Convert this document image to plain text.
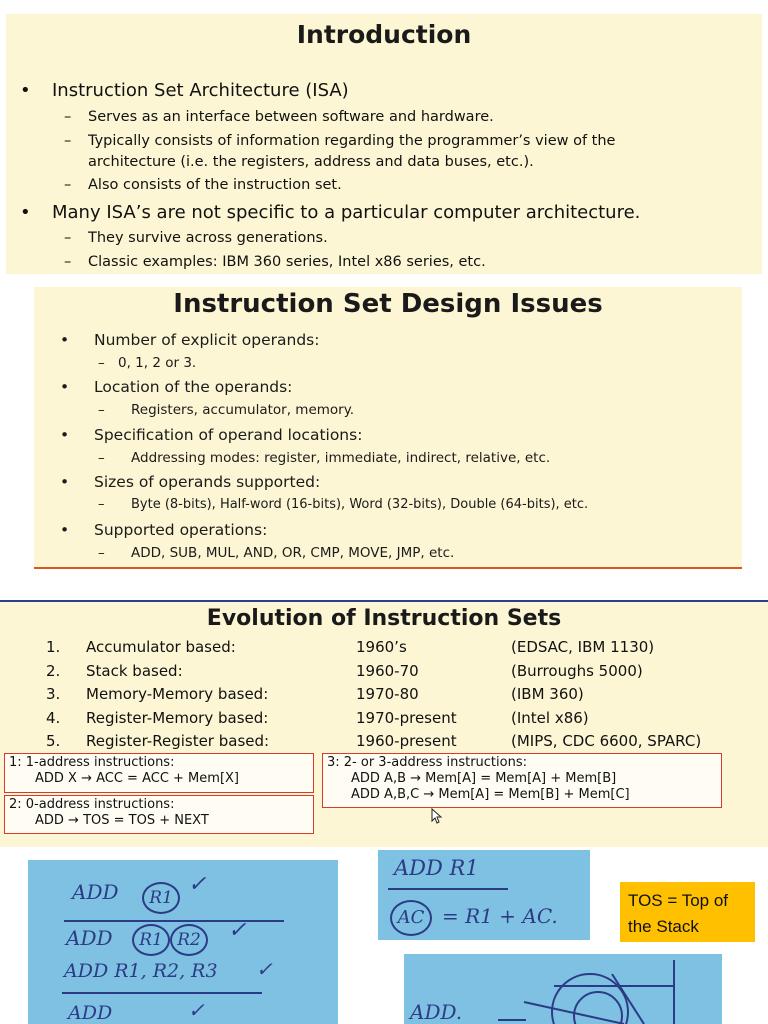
Introduction
• Instruction Set Architecture (ISA)
– Serves as an interface between software and hardware.
– Typically consists of information regarding the programmer’s view of the
architecture (i.e. the registers, address and data buses, etc.).
– Also consists of the instruction set.
• Many ISA’s are not specific to a particular computer architecture.
– They survive across generations.
– Classic examples: IBM 360 series, Intel x86 series, etc.
Instruction Set Design Issues
• Number of explicit operands:
– 0, 1, 2 or 3.
• Location of the operands:
– Registers, accumulator, memory.
• Specification of operand locations:
– Addressing modes: register, immediate, indirect, relative, etc.
• Sizes of operands supported:
– Byte (8-bits), Half-word (16-bits), Word (32-bits), Double (64-bits), etc.
• Supported operations:
– ADD, SUB, MUL, AND, OR, CMP, MOVE, JMP, etc.
Evolution of Instruction Sets
1. Accumulator based:	1960’s	(EDSAC, IBM 1130)
2. Stack based:	1960-70	(Burroughs 5000)
3. Memory-Memory based:	1970-80	(IBM 360)
4. Register-Memory based:	1970-present	(Intel x86)
5. Register-Register based:	1960-present	(MIPS, CDC 6600, SPARC)
1: 1-address instructions:
ADD X → ACC = ACC + Mem[X]
2: 0-address instructions:
ADD → TOS = TOS + NEXT
3: 2- or 3-address instructions:
ADD A,B → Mem[A] = Mem[A] + Mem[B]
ADD A,B,C → Mem[A] = Mem[B] + Mem[C]
ADD	R1
✓
ADD	R1 R2	✓
ADD R1, R2, R3 ✓
ADD	✓
ADD R1
AC = R1 + AC.
ADD.
TOS = Top of the Stack
